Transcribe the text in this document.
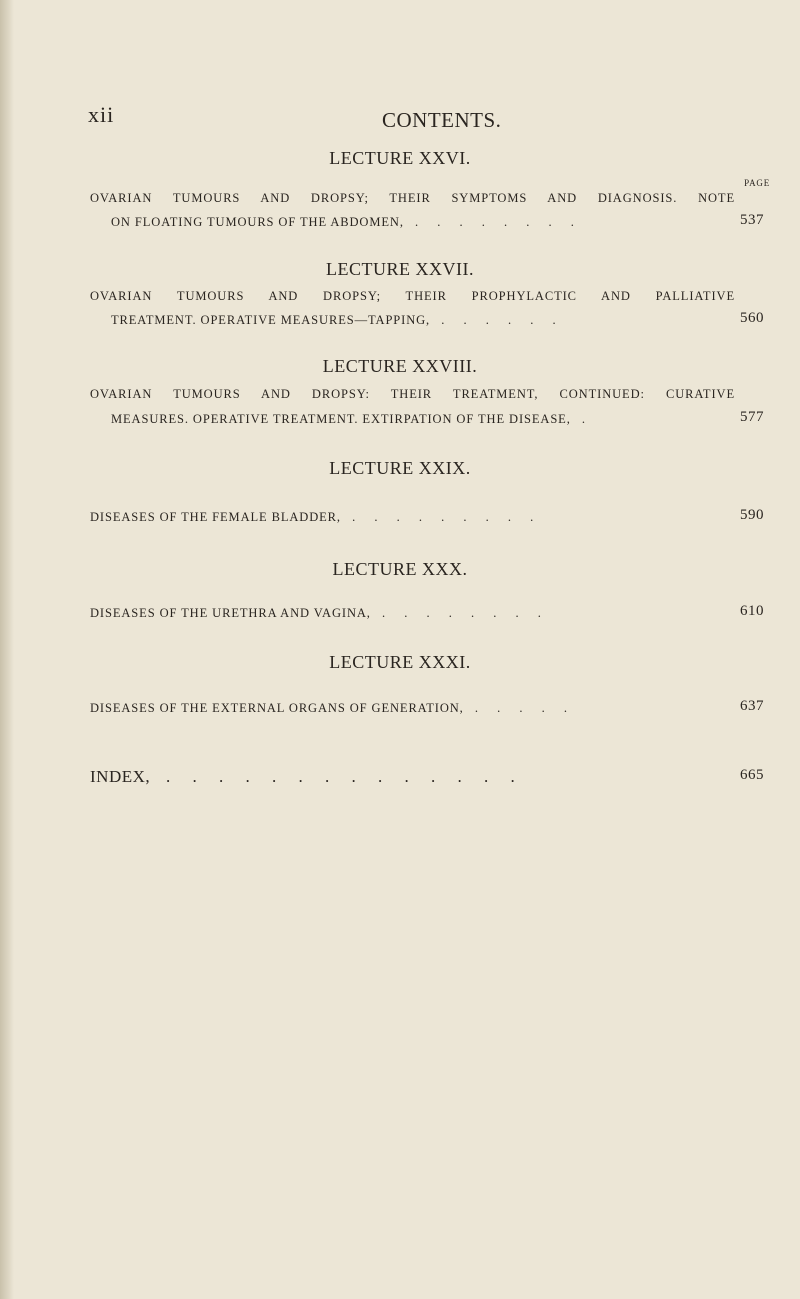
xii	CONTENTS.
LECTURE XXVI.
PAGE
OVARIAN TUMOURS AND DROPSY; THEIR SYMPTOMS AND DIAGNOSIS. NOTE
ON FLOATING TUMOURS OF THE ABDOMEN, . . . . . . . .	537
LECTURE XXVII.
OVARIAN TUMOURS AND DROPSY; THEIR PROPHYLACTIC AND PALLIATIVE
TREATMENT. OPERATIVE MEASURES—TAPPING, . . . . . .	560
LECTURE XXVIII.
OVARIAN TUMOURS AND DROPSY: THEIR TREATMENT, CONTINUED: CURATIVE
MEASURES. OPERATIVE TREATMENT. EXTIRPATION OF THE DISEASE, .	577
LECTURE XXIX.
DISEASES OF THE FEMALE BLADDER, . . . . . . . . .	590
LECTURE XXX.
DISEASES OF THE URETHRA AND VAGINA, . . . . . . . .	610
LECTURE XXXI.
DISEASES OF THE EXTERNAL ORGANS OF GENERATION, . . . . .	637
INDEX, . . . . . . . . . . . . . .	665
